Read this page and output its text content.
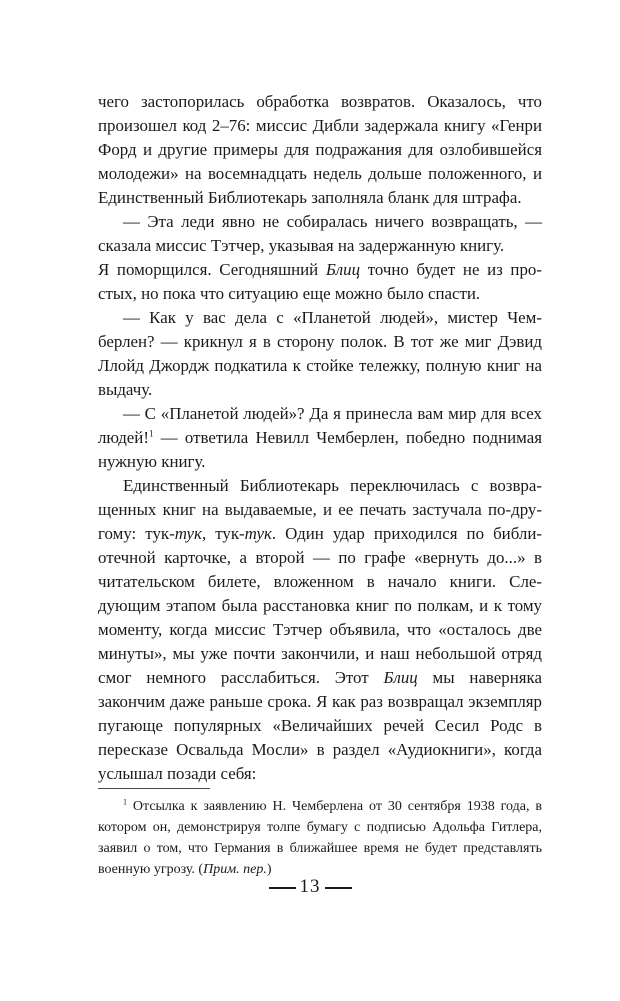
чего застопорилась обработка возвратов. Оказалось, что произошел код 2–76: миссис Дибли задержала книгу «Генри Форд и другие примеры для подражания для озлобившейся молодежи» на восемнадцать недель дольше положенного, и Единственный Библиотекарь заполняла бланк для штрафа.

— Эта леди явно не собиралась ничего возвращать, — сказала миссис Тэтчер, указывая на задержанную книгу.

Я поморщился. Сегодняшний Блиц точно будет не из простых, но пока что ситуацию еще можно было спасти.

— Как у вас дела с «Планетой людей», мистер Чемберлен? — крикнул я в сторону полок. В тот же миг Дэвид Ллойд Джордж подкатила к стойке тележку, полную книг на выдачу.

— С «Планетой людей»? Да я принесла вам мир для всех людей!$^1$ — ответила Невилл Чемберлен, победно поднимая нужную книгу.

Единственный Библиотекарь переключилась с возвращенных книг на выдаваемые, и ее печать застучала по-другому: тук-тук, тук-тук. Один удар приходился по библиотечной карточке, а второй — по графе «вернуть до...» в читательском билете, вложенном в начало книги. Следующим этапом была расстановка книг по полкам, и к тому моменту, когда миссис Тэтчер объявила, что «осталось две минуты», мы уже почти закончили, и наш небольшой отряд смог немного расслабиться. Этот Блиц мы наверняка закончим даже раньше срока. Я как раз возвращал экземпляр пугающе популярных «Величайших речей Сесил Родс в пересказе Освальда Мосли» в раздел «Аудиокниги», когда услышал позади себя:

$^1$ Отсылка к заявлению Н. Чемберлена от 30 сентября 1938 года, в котором он, демонстрируя толпе бумагу с подписью Адольфа Гитлера, заявил о том, что Германия в ближайшее время не будет представлять военную угрозу. (Прим. пер.)

13
